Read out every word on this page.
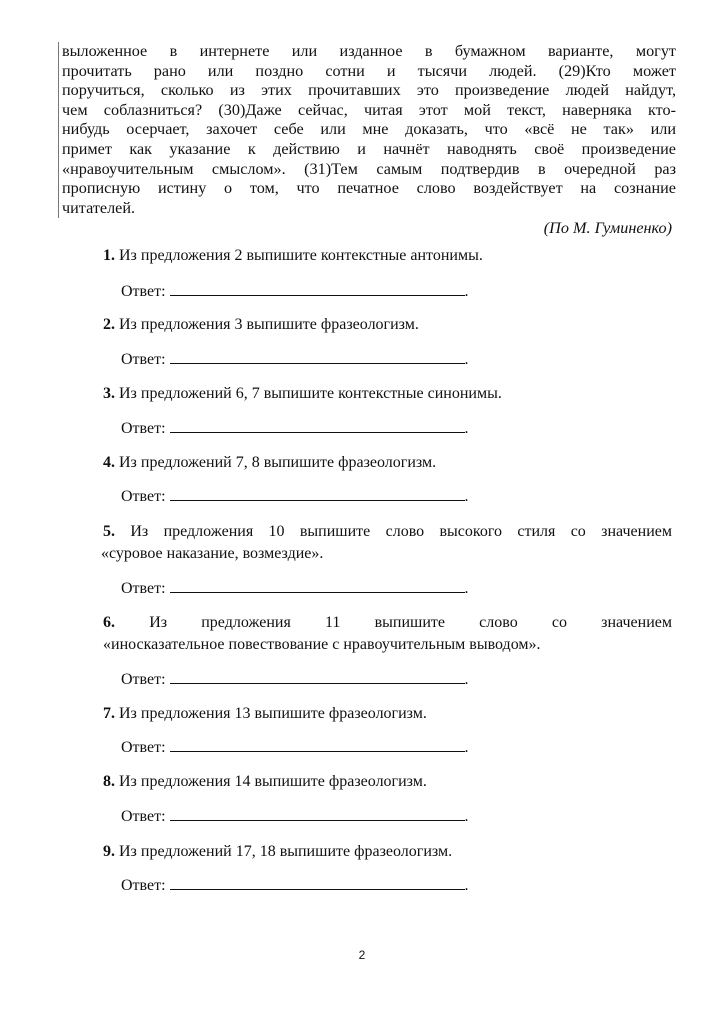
выложенное в интернете или изданное в бумажном варианте, могут
прочитать рано или поздно сотни и тысячи людей. (29)Кто может
поручиться, сколько из этих прочитавших это произведение людей найдут,
чем соблазниться? (30)Даже сейчас, читая этот мой текст, наверняка кто-
нибудь осерчает, захочет себе или мне доказать, что «всё не так» или
примет как указание к действию и начнёт наводнять своё произведение
«нравоучительным смыслом». (31)Тем самым подтвердив в очередной раз
прописную истину о том, что печатное слово воздействует на сознание
читателей.
(По М. Гуминенко)
1. Из предложения 2 выпишите контекстные антонимы.
Ответ:	.
2. Из предложения 3 выпишите фразеологизм.
Ответ:	.
3. Из предложений 6, 7 выпишите контекстные синонимы.
Ответ:	.
4. Из предложений 7, 8 выпишите фразеологизм.
Ответ:	.
5. Из предложения 10 выпишите слово высокого стиля со значением
«суровое наказание, возмездие».
Ответ:	.
6. Из предложения 11 выпишите слово со значением
«иносказательное повествование с нравоучительным выводом».
Ответ:	.
7. Из предложения 13 выпишите фразеологизм.
Ответ:	.
8. Из предложения 14 выпишите фразеологизм.
Ответ:	.
9. Из предложений 17, 18 выпишите фразеологизм.
Ответ:	.
2
